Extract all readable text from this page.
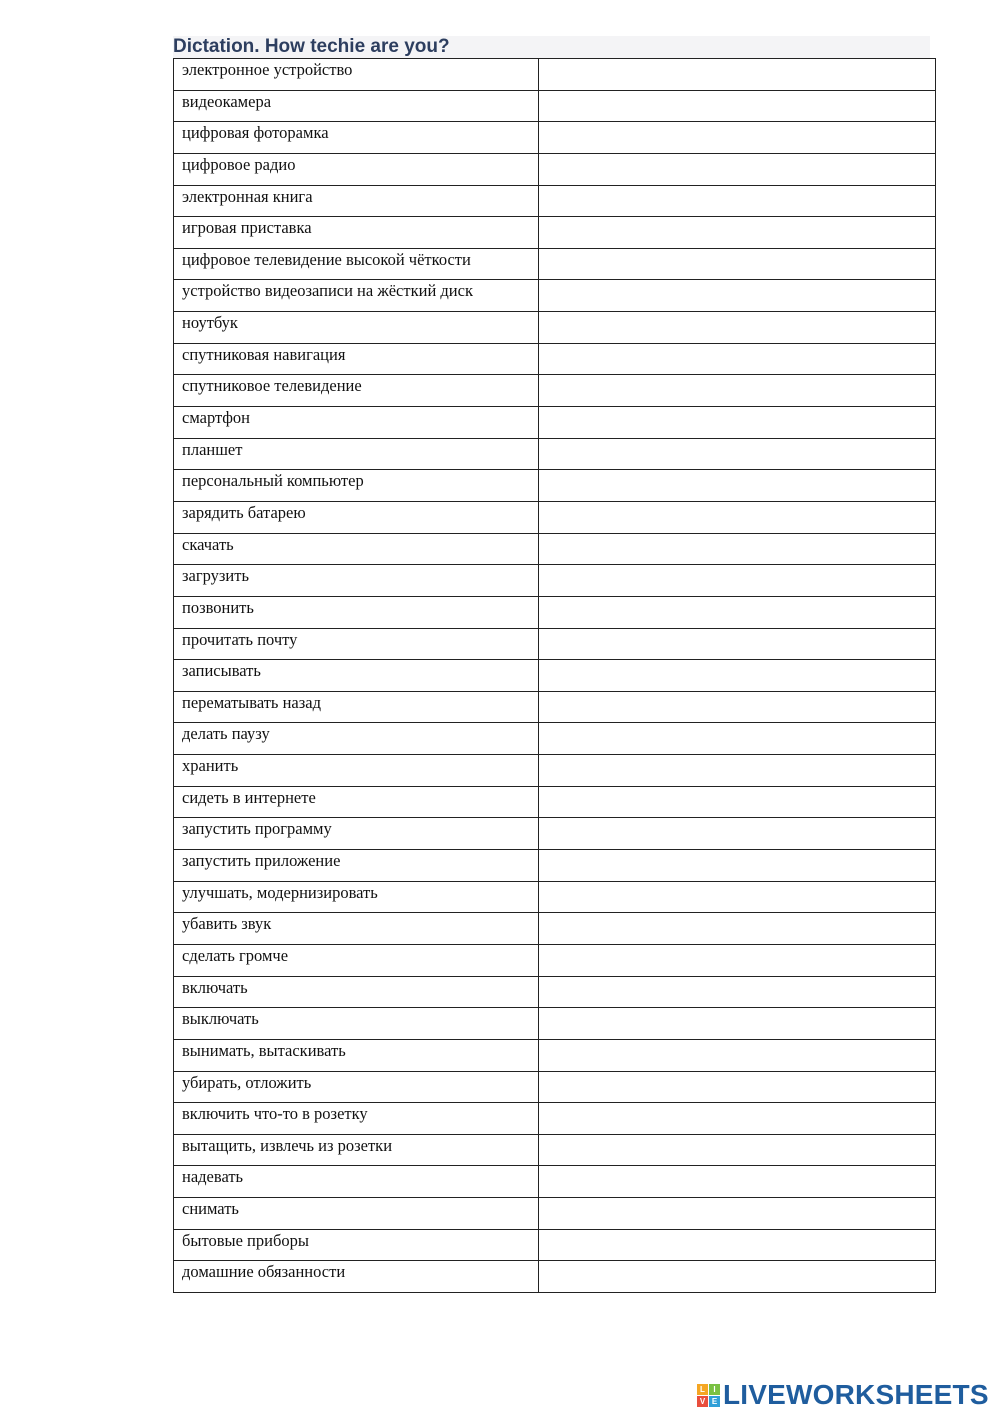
Dictation. How techie are you?
электронное устройство	
видеокамера	
цифровая фоторамка	
цифровое радио	
электронная книга	
игровая приставка	
цифровое телевидение высокой чёткости	
устройство видеозаписи на жёсткий диск	
ноутбук	
спутниковая навигация	
спутниковое телевидение	
смартфон	
планшет	
персональный компьютер	
зарядить батарею	
скачать	
загрузить	
позвонить	
прочитать почту	
записывать	
перематывать назад	
делать паузу	
хранить	
сидеть в интернете	
запустить программу	
запустить приложение	
улучшать, модернизировать	
убавить звук	
сделать громче	
включать	
выключать	
вынимать, вытаскивать	
убирать, отложить	
включить что-то в розетку	
вытащить, извлечь из розетки	
надевать	
снимать	
бытовые приборы	
домашние обязанности	
L	I
V E LIVEWORKSHEETS
